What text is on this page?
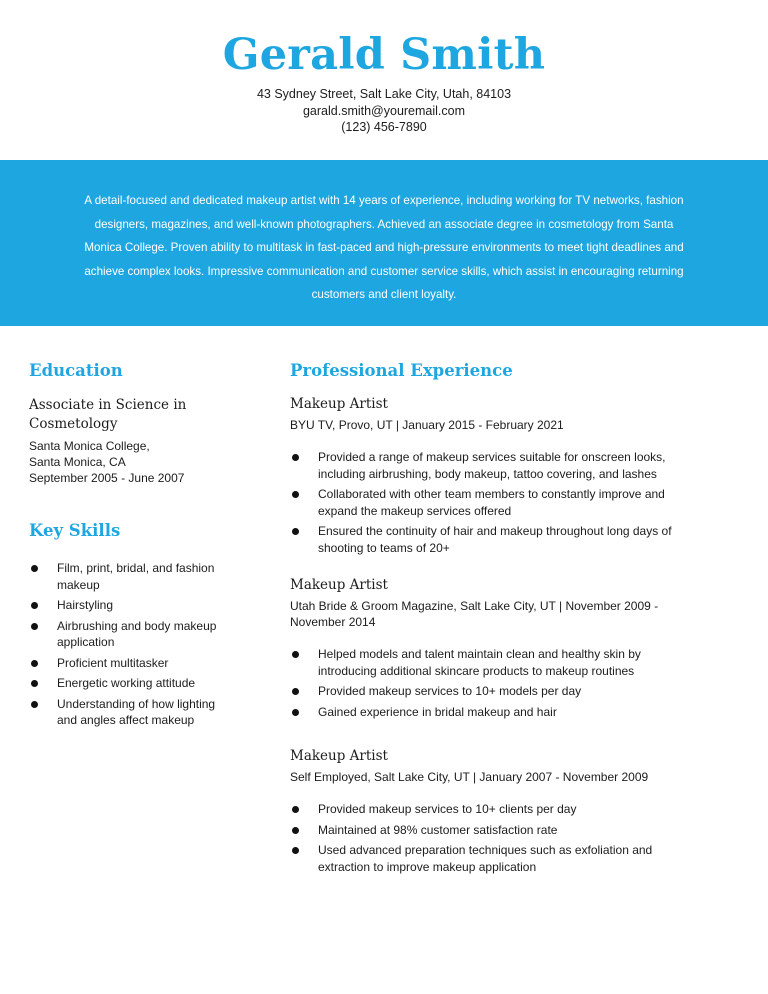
Gerald Smith
43 Sydney Street, Salt Lake City, Utah, 84103
garald.smith@youremail.com
(123) 456-7890

A detail-focused and dedicated makeup artist with 14 years of experience, including working for TV networks, fashion designers, magazines, and well-known photographers. Achieved an associate degree in cosmetology from Santa Monica College. Proven ability to multitask in fast-paced and high-pressure environments to meet tight deadlines and achieve complex looks. Impressive communication and customer service skills, which assist in encouraging returning customers and client loyalty.

Education
Associate in Science in Cosmetology
Santa Monica College,
Santa Monica, CA
September 2005 - June 2007
Key Skills
Film, print, bridal, and fashion makeup
Hairstyling
Airbrushing and body makeup application
Proficient multitasker
Energetic working attitude
Understanding of how lighting and angles affect makeup
Professional Experience
Makeup Artist
BYU TV, Provo, UT | January 2015 - February 2021
Provided a range of makeup services suitable for onscreen looks, including airbrushing, body makeup, tattoo covering, and lashes
Collaborated with other team members to constantly improve and expand the makeup services offered
Ensured the continuity of hair and makeup throughout long days of shooting to teams of 20+
Makeup Artist
Utah Bride & Groom Magazine, Salt Lake City, UT | November 2009 - November 2014
Helped models and talent maintain clean and healthy skin by introducing additional skincare products to makeup routines
Provided makeup services to 10+ models per day
Gained experience in bridal makeup and hair
Makeup Artist
Self Employed, Salt Lake City, UT | January 2007 - November 2009
Provided makeup services to 10+ clients per day
Maintained at 98% customer satisfaction rate
Used advanced preparation techniques such as exfoliation and extraction to improve makeup application
